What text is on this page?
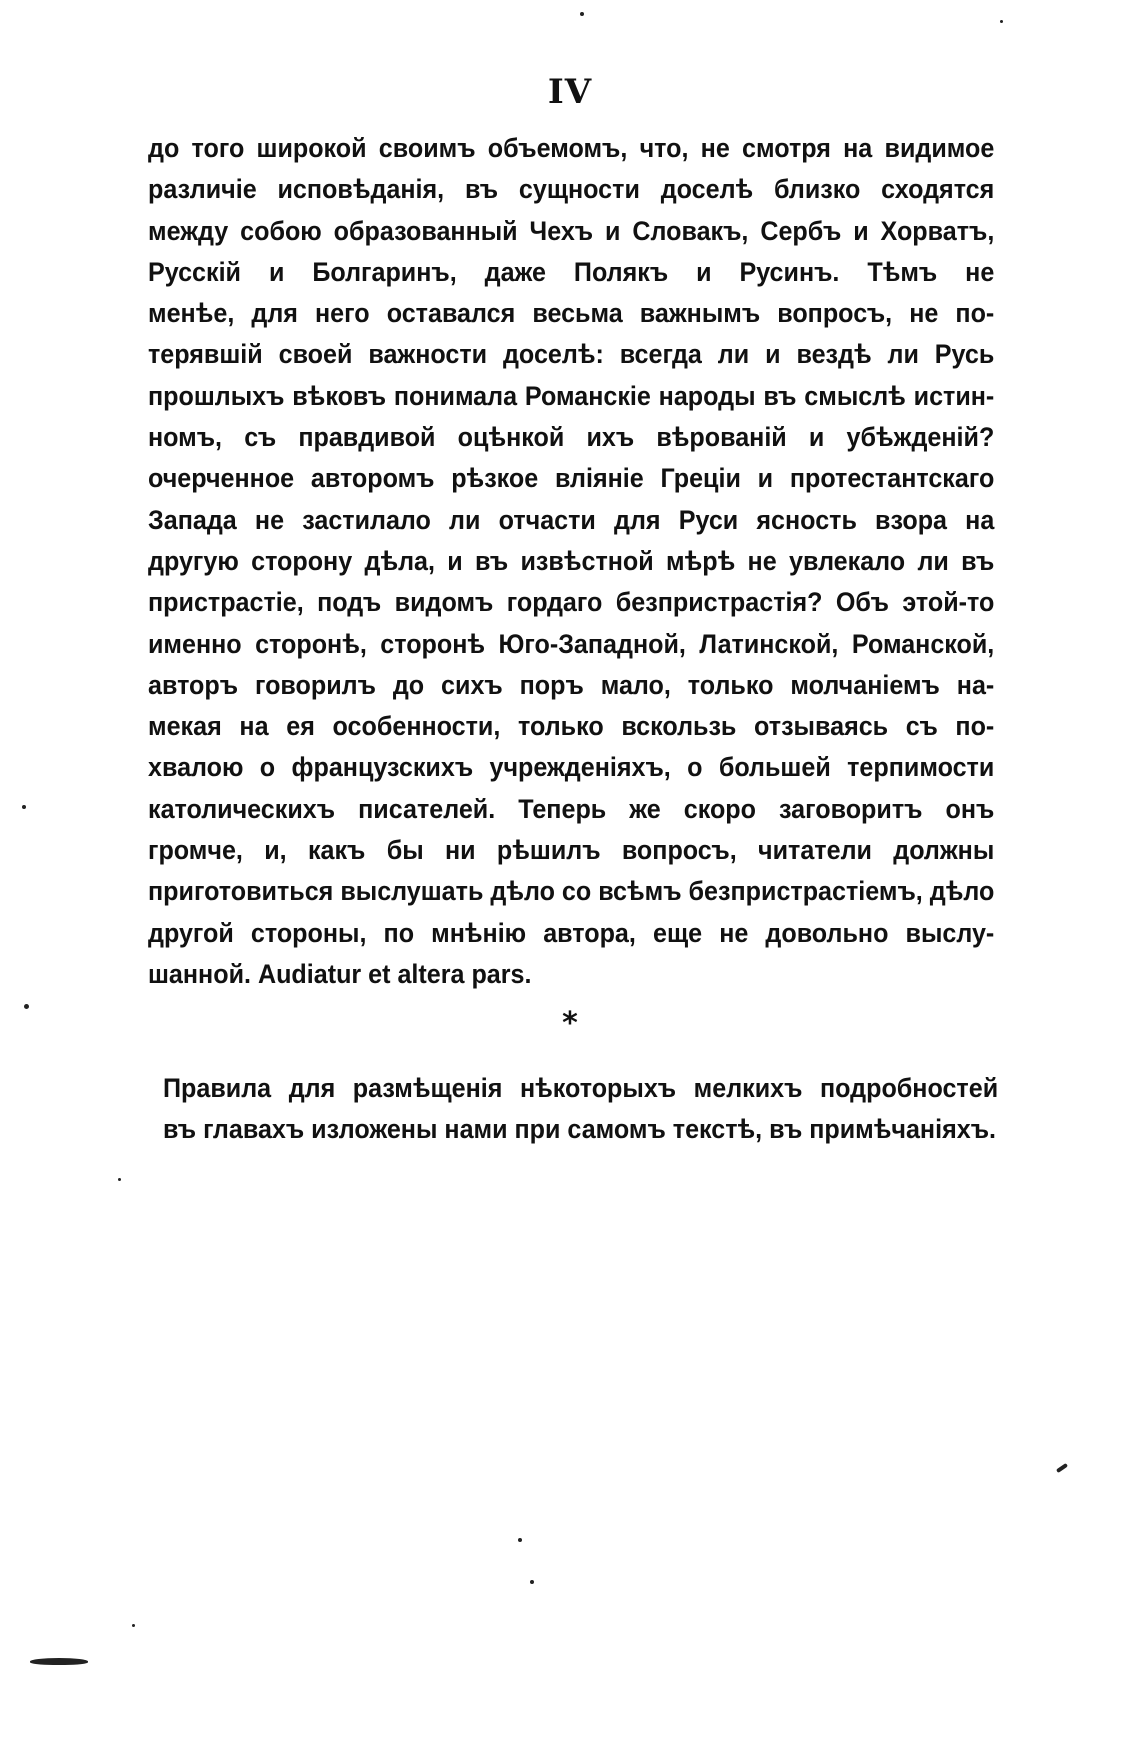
IV
до того широкой своимъ объемомъ, что, не смотря на видимое
различіе исповѣданія, въ сущности доселѣ близко сходятся
между собою образованный Чехъ и Словакъ, Сербъ и Хорватъ,
Русскій и Болгаринъ, даже Полякъ и Русинъ. Тѣмъ не
менѣе, для него оставался весьма важнымъ вопросъ, не по-
терявшій своей важности доселѣ: всегда ли и вездѣ ли Русь
прошлыхъ вѣковъ понимала Романскіе народы въ смыслѣ истин-
номъ, съ правдивой оцѣнкой ихъ вѣрованій и убѣжденій?
очерченное авторомъ рѣзкое вліяніе Греціи и протестантскаго
Запада не застилало ли отчасти для Руси ясность взора на
другую сторону дѣла, и въ извѣстной мѣрѣ не увлекало ли въ
пристрастіе, подъ видомъ гордаго безпристрастія? Объ этой-то
именно сторонѣ, сторонѣ Юго-Западной, Латинской, Романской,
авторъ говорилъ до сихъ поръ мало, только молчаніемъ на-
мекая на ея особенности, только вскользь отзываясь съ по-
хвалою о французскихъ учрежденіяхъ, о большей терпимости
католическихъ писателей. Теперь же скоро заговоритъ онъ
громче, и, какъ бы ни рѣшилъ вопросъ, читатели должны
приготовиться выслушать дѣло со всѣмъ безпристрастіемъ, дѣло
другой стороны, по мнѣнію автора, еще не довольно выслу-
шанной. Audiatur et altera pars.
*
Правила для размѣщенія нѣкоторыхъ мелкихъ подробностей
въ главахъ изложены нами при самомъ текстѣ, въ примѣчаніяхъ.
